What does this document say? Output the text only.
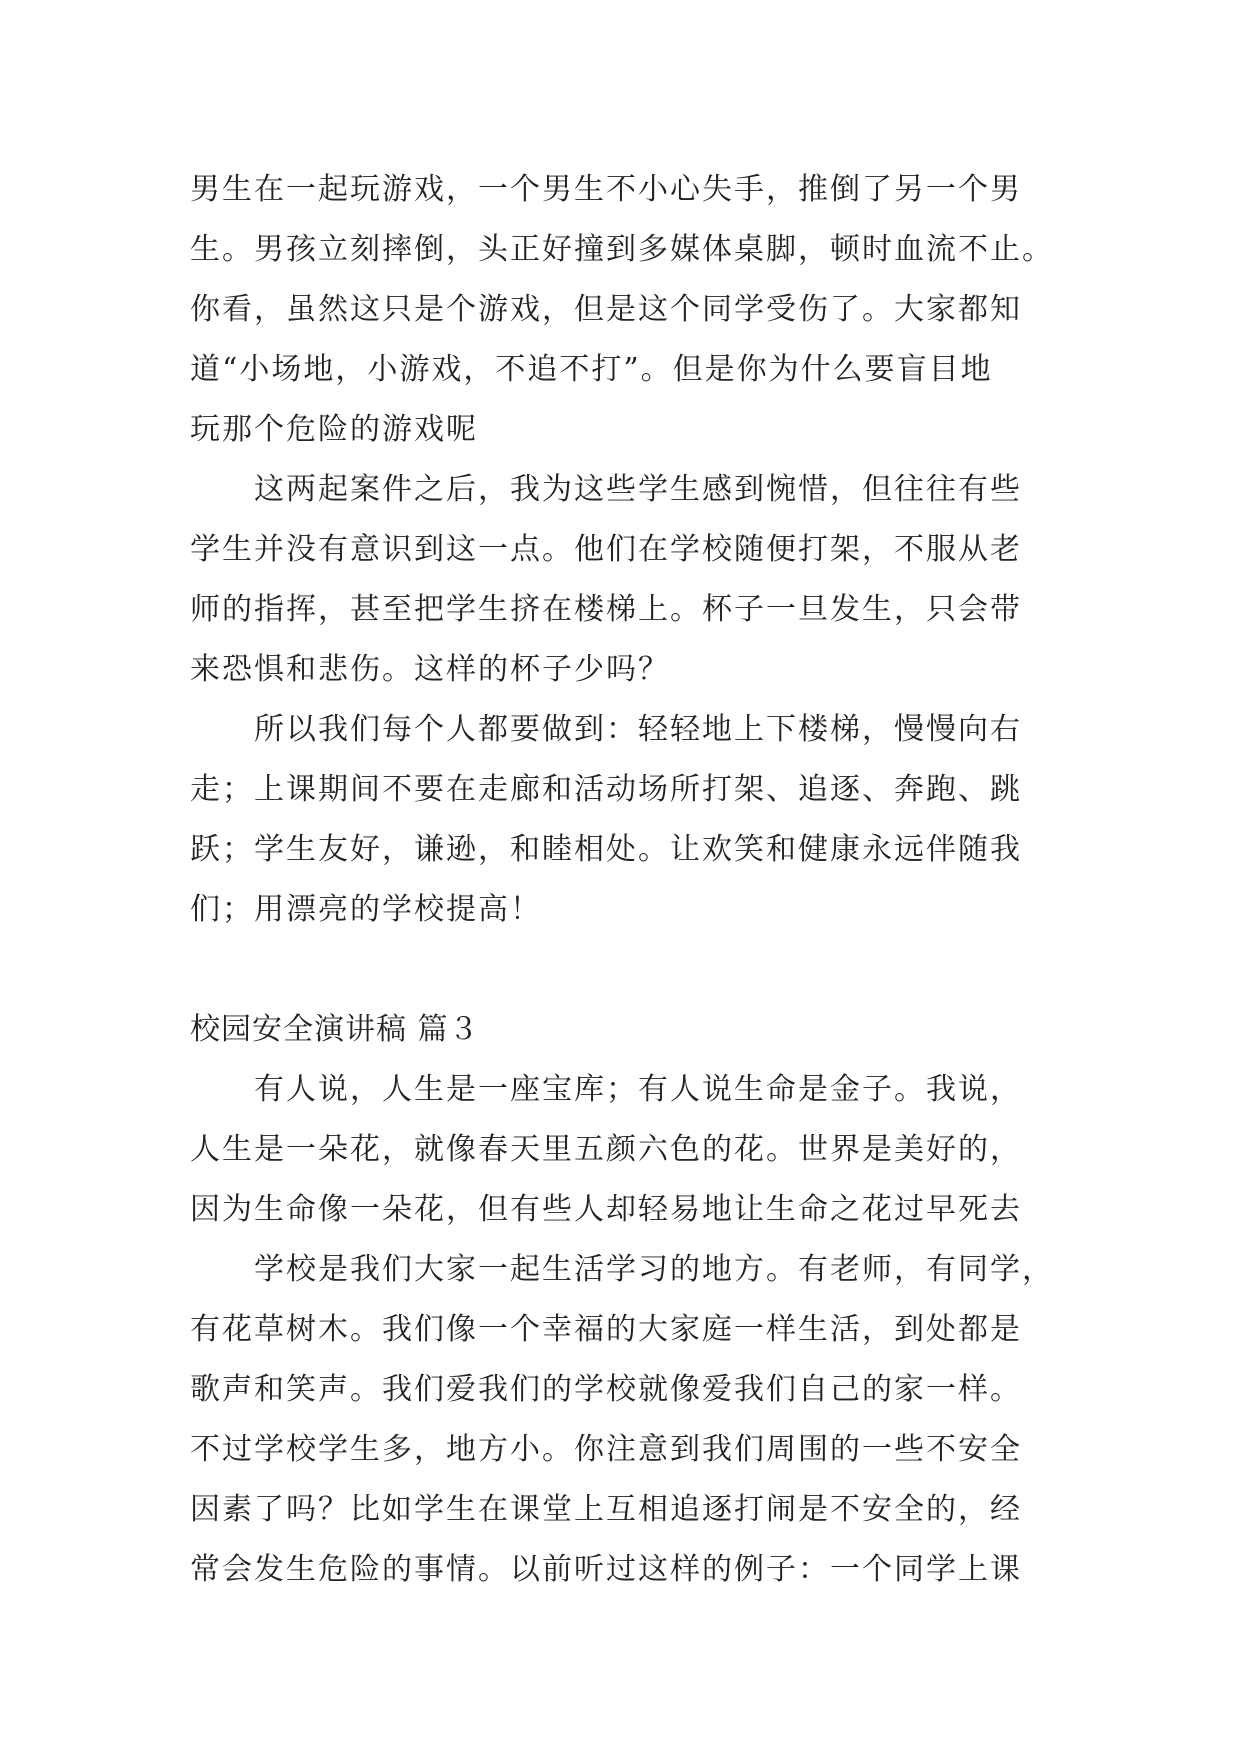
男生在一起玩游戏，一个男生不小心失手，推倒了另一个男
生。男孩立刻摔倒，头正好撞到多媒体桌脚，顿时血流不止。
你看，虽然这只是个游戏，但是这个同学受伤了。大家都知
道“小场地，小游戏，不追不打”。但是你为什么要盲目地
玩那个危险的游戏呢
这两起案件之后，我为这些学生感到惋惜，但往往有些
学生并没有意识到这一点。他们在学校随便打架，不服从老
师的指挥，甚至把学生挤在楼梯上。杯子一旦发生，只会带
来恐惧和悲伤。这样的杯子少吗？
所以我们每个人都要做到：轻轻地上下楼梯，慢慢向右
走；上课期间不要在走廊和活动场所打架、追逐、奔跑、跳
跃；学生友好，谦逊，和睦相处。让欢笑和健康永远伴随我
们；用漂亮的学校提高！
校园安全演讲稿 篇３
有人说，人生是一座宝库；有人说生命是金子。我说，
人生是一朵花，就像春天里五颜六色的花。世界是美好的，
因为生命像一朵花，但有些人却轻易地让生命之花过早死去
学校是我们大家一起生活学习的地方。有老师，有同学，
有花草树木。我们像一个幸福的大家庭一样生活，到处都是
歌声和笑声。我们爱我们的学校就像爱我们自己的家一样。
不过学校学生多，地方小。你注意到我们周围的一些不安全
因素了吗？比如学生在课堂上互相追逐打闹是不安全的，经
常会发生危险的事情。以前听过这样的例子：一个同学上课
